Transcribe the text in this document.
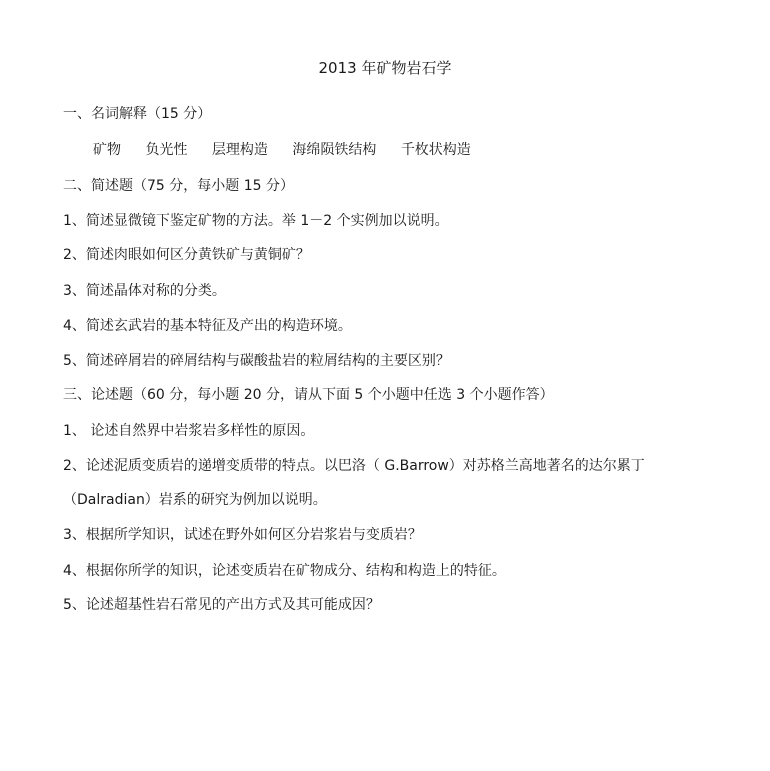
2013 年矿物岩石学
一、名词解释（15 分）
矿物 负光性 层理构造 海绵陨铁结构 千枚状构造
二、简述题（75 分，每小题 15 分）
1、简述显微镜下鉴定矿物的方法。举 1－2 个实例加以说明。
2、简述肉眼如何区分黄铁矿与黄铜矿？
3、简述晶体对称的分类。
4、简述玄武岩的基本特征及产出的构造环境。
5、简述碎屑岩的碎屑结构与碳酸盐岩的粒屑结构的主要区别？
三、论述题（60 分，每小题 20 分，请从下面 5 个小题中任选 3 个小题作答）
1、 论述自然界中岩浆岩多样性的原因。
2、论述泥质变质岩的递增变质带的特点。以巴洛（ G.Barrow）对苏格兰高地著名的达尔累丁
（Dalradian）岩系的研究为例加以说明。
3、根据所学知识，试述在野外如何区分岩浆岩与变质岩？
4、根据你所学的知识，论述变质岩在矿物成分、结构和构造上的特征。
5、论述超基性岩石常见的产出方式及其可能成因？
